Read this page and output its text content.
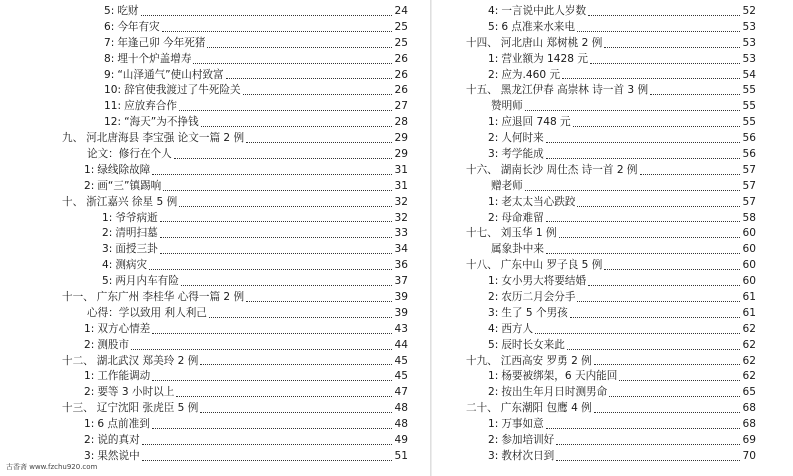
5: 吃财	24
6: 今年有灾	25
7: 年逢己卯 今年死猪	25
8: 埋十个炉盖增寿	26
9: “山泽通气”使山村致富	26
10: 辞官使我渡过了牛死险关	26
11: 应放弃合作	27
12: “海天”为不挣钱	28
九、 河北唐海县 李宝强 论文一篇 2 例	29
论文：修行在个人	29
1: 绿线除故障	31
2: 画“三”镇踢响	31
十、 浙江嘉兴 徐星 5 例	32
1: 爷爷病逝	32
2: 清明扫墓	33
3: 面授三卦	34
4: 测病灾	36
5: 两月内车有险	37
十一、 广东广州 李桂华 心得一篇 2 例	39
心得：学以致用 利人利己	39
1: 双方心情差	43
2: 测股市	44
十二、 湖北武汉 郑美玲 2 例	45
1: 工作能调动	45
2: 要等 3 小时以上	47
十三、 辽宁沈阳 张虎臣 5 例	48
1: 6 点前准到	48
2: 说的真对	49
3: 果然说中	51
4: 一言说中此人岁数	52
5: 6 点准来水来电	53
十四、 河北唐山 郑树桃 2 例	53
1: 营业额为 1428 元	53
2: 应为.460 元	54
十五、 黑龙江伊春 高崇林 诗一首 3 例	55
赞明师	55
1: 应退回 748 元	55
2: 人何时来	56
3: 考学能成	56
十六、 湖南长沙 周仕杰 诗一首 2 例	57
赠老师	57
1: 老太太当心跌跤	57
2: 母命难留	58
十七、 刘玉华 1 例	60
属象卦中来	60
十八、 广东中山 罗子良 5 例	60
1: 女小男大将要结婚	60
2: 农历二月会分手	61
3: 生了 5 个男孩	61
4: 西方人	62
5: 辰时长女来此	62
十九、 江西高安 罗勇 2 例	62
1: 杨要被绑架，6 天内能回	62
2: 按出生年月日时测男命	65
二十、 广东潮阳 包鹰 4 例	68
1: 万事如意	68
2: 参加培训好	69
3: 教材次日到	70
古香斋 www.fzchu920.com
